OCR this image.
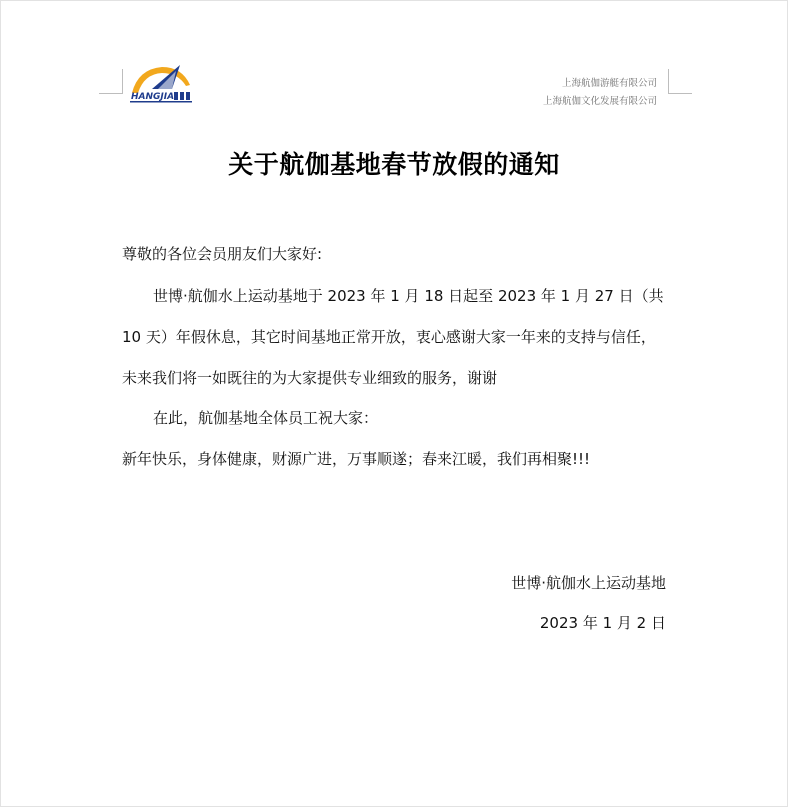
HANGJIA
上海航伽游艇有限公司
上海航伽文化发展有限公司
关于航伽基地春节放假的通知
尊敬的各位会员朋友们大家好:
世博·航伽水上运动基地于 2023 年 1 月 18 日起至 2023 年 1 月 27 日（共
10 天）年假休息，其它时间基地正常开放，衷心感谢大家一年来的支持与信任，
未来我们将一如既往的为大家提供专业细致的服务，谢谢
在此，航伽基地全体员工祝大家：
新年快乐，身体健康，财源广进，万事顺遂；春来江暖，我们再相聚!!!
世博·航伽水上运动基地
2023 年 1 月 2 日
